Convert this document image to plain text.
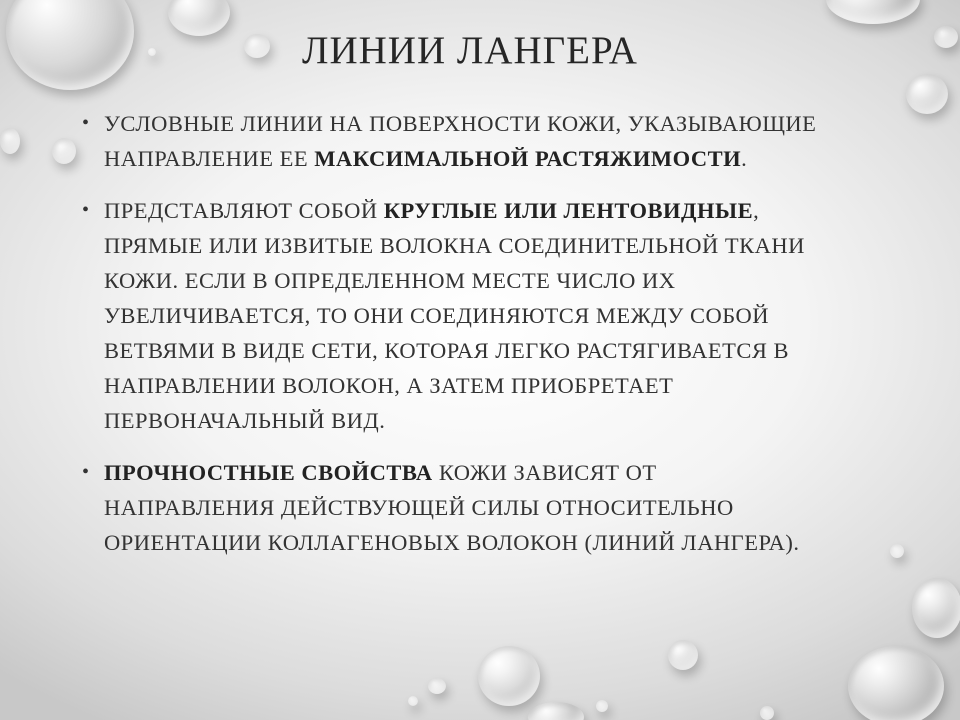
ЛИНИИ ЛАНГЕРА
• УСЛОВНЫЕ ЛИНИИ НА ПОВЕРХНОСТИ КОЖИ, УКАЗЫВАЮЩИЕ
НАПРАВЛЕНИЕ ЕЕ МАКСИМАЛЬНОЙ РАСТЯЖИМОСТИ.
• ПРЕДСТАВЛЯЮТ СОБОЙ КРУГЛЫЕ ИЛИ ЛЕНТОВИДНЫЕ,
ПРЯМЫЕ ИЛИ ИЗВИТЫЕ ВОЛОКНА СОЕДИНИТЕЛЬНОЙ ТКАНИ
КОЖИ. ЕСЛИ В ОПРЕДЕЛЕННОМ МЕСТЕ ЧИСЛО ИХ
УВЕЛИЧИВАЕТСЯ, ТО ОНИ СОЕДИНЯЮТСЯ МЕЖДУ СОБОЙ
ВЕТВЯМИ В ВИДЕ СЕТИ, КОТОРАЯ ЛЕГКО РАСТЯГИВАЕТСЯ В
НАПРАВЛЕНИИ ВОЛОКОН, А ЗАТЕМ ПРИОБРЕТАЕТ
ПЕРВОНАЧАЛЬНЫЙ ВИД.
• ПРОЧНОСТНЫЕ СВОЙСТВА КОЖИ ЗАВИСЯТ ОТ
НАПРАВЛЕНИЯ ДЕЙСТВУЮЩЕЙ СИЛЫ ОТНОСИТЕЛЬНО
ОРИЕНТАЦИИ КОЛЛАГЕНОВЫХ ВОЛОКОН (ЛИНИЙ ЛАНГЕРА).
